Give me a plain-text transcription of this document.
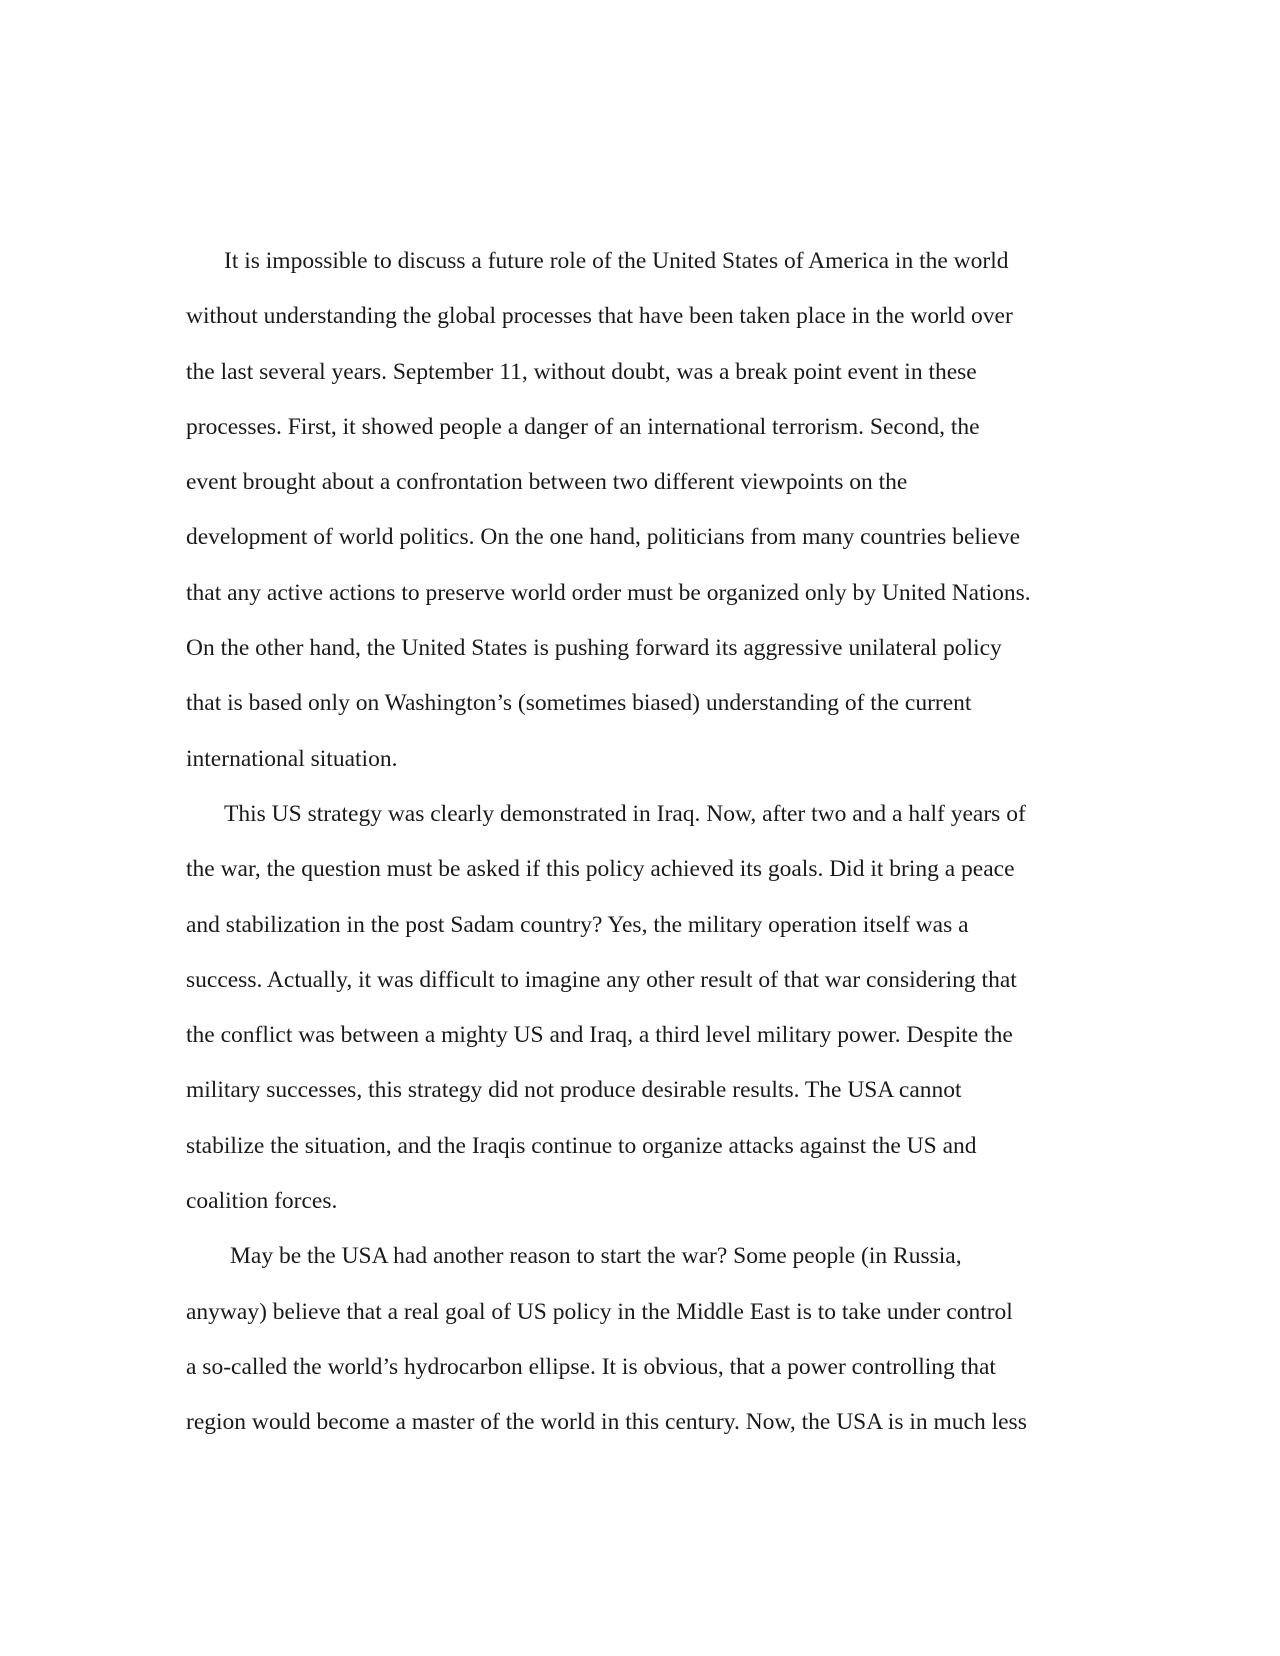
It is impossible to discuss a future role of the United States of America in the world
without understanding the global processes that have been taken place in the world over
the last several years. September 11, without doubt, was a break point event in these
processes. First, it showed people a danger of an international terrorism. Second, the
event brought about a confrontation between two different viewpoints on the
development of world politics. On the one hand, politicians from many countries believe
that any active actions to preserve world order must be organized only by United Nations.
On the other hand, the United States is pushing forward its aggressive unilateral policy
that is based only on Washington’s (sometimes biased) understanding of the current
international situation.
This US strategy was clearly demonstrated in Iraq. Now, after two and a half years of
the war, the question must be asked if this policy achieved its goals. Did it bring a peace
and stabilization in the post Sadam country? Yes, the military operation itself was a
success. Actually, it was difficult to imagine any other result of that war considering that
the conflict was between a mighty US and Iraq, a third level military power. Despite the
military successes, this strategy did not produce desirable results. The USA cannot
stabilize the situation, and the Iraqis continue to organize attacks against the US and
coalition forces.
May be the USA had another reason to start the war? Some people (in Russia,
anyway) believe that a real goal of US policy in the Middle East is to take under control
a so-called the world’s hydrocarbon ellipse. It is obvious, that a power controlling that
region would become a master of the world in this century. Now, the USA is in much less
